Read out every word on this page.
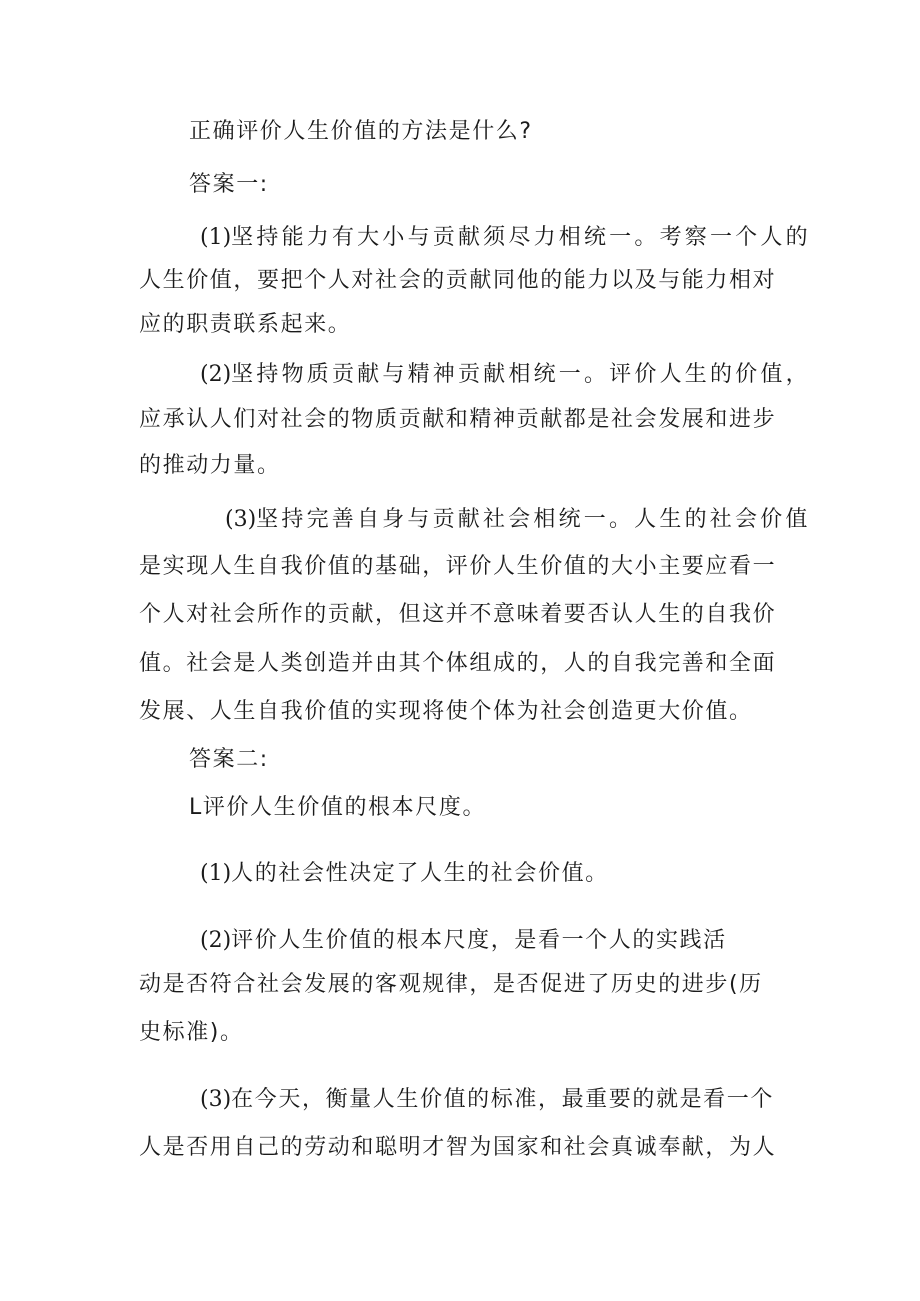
正确评价人生价值的方法是什么?
答案一:
(1)坚持能力有大小与贡献须尽力相统一。考察一个人的
人生价值，要把个人对社会的贡献同他的能力以及与能力相对
应的职责联系起来。
(2)坚持物质贡献与精神贡献相统一。评价人生的价值，
应承认人们对社会的物质贡献和精神贡献都是社会发展和进步
的推动力量。
(3)坚持完善自身与贡献社会相统一。人生的社会价值
是实现人生自我价值的基础，评价人生价值的大小主要应看一
个人对社会所作的贡献，但这并不意味着要否认人生的自我价
值。社会是人类创造并由其个体组成的，人的自我完善和全面
发展、人生自我价值的实现将使个体为社会创造更大价值。
答案二:
L评价人生价值的根本尺度。
(1)人的社会性决定了人生的社会价值。
(2)评价人生价值的根本尺度，是看一个人的实践活
动是否符合社会发展的客观规律，是否促进了历史的进步(历
史标准)。
(3)在今天，衡量人生价值的标准，最重要的就是看一个
人是否用自己的劳动和聪明才智为国家和社会真诚奉献，为人
